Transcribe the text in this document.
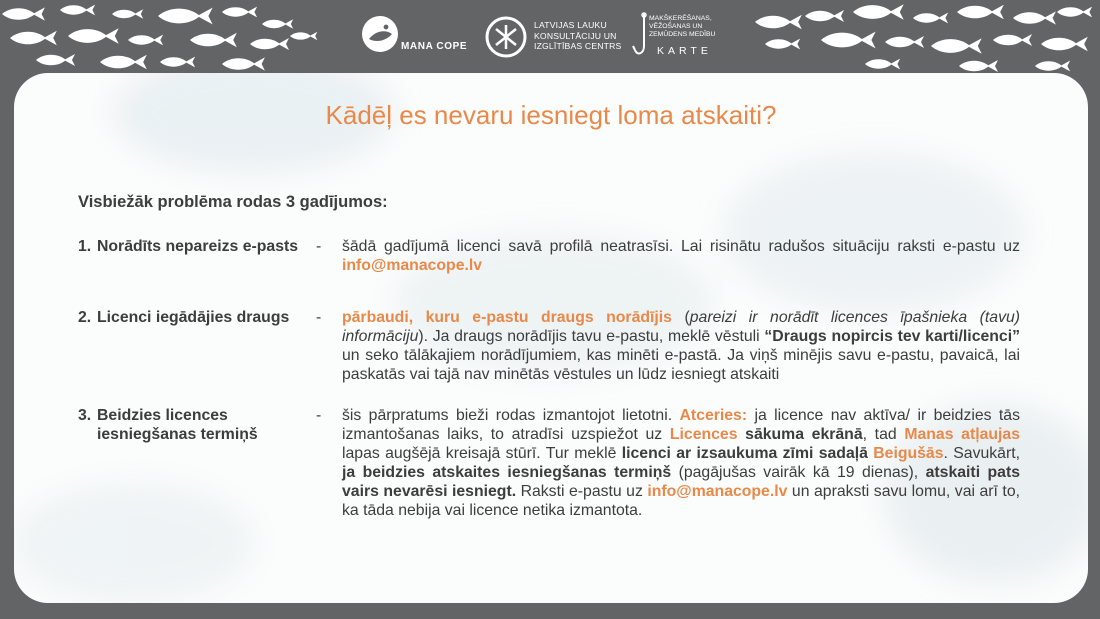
MANA COPE
LATVIJAS LAUKU
KONSULTĀCIJU UN
IZGLĪTĪBAS CENTRS
MAKŠĶERĒŠANAS,
VĒŽOŠANAS UN
ZEMŪDENS MEDĪBU
KARTE
Kādēļ es nevaru iesniegt loma atskaiti?

Visbiežāk problēma rodas 3 gadījumos:

1. Norādīts nepareizs e-pasts	- šādā gadījumā licenci savā profilā neatrasīsi. Lai risinātu radušos situāciju raksti e-pastu uz info@manacope.lv
2. Licenci iegādājies draugs	- pārbaudi, kuru e-pastu draugs norādījis (pareizi ir norādīt licences īpašnieka (tavu) informāciju). Ja draugs norādījis tavu e-pastu, meklē vēstuli “Draugs nopircis tev karti/licenci” un seko tālākajiem norādījumiem, kas minēti e-pastā. Ja viņš minējis savu e-pastu, pavaicā, lai paskatās vai tajā nav minētās vēstules un lūdz iesniegt atskaiti
3. Beidzies licences iesniegšanas termiņš
- šis pārpratums bieži rodas izmantojot lietotni. Atceries: ja licence nav aktīva/ ir beidzies tās izmantošanas laiks, to atradīsi uzspiežot uz Licences sākuma ekrānā, tad Manas atļaujas lapas augšējā kreisajā stūrī. Tur meklē licenci ar izsaukuma zīmi sadaļā Beigušās. Savukārt, ja beidzies atskaites iesniegšanas termiņš (pagājušas vairāk kā 19 dienas), atskaiti pats vairs nevarēsi iesniegt. Raksti e-pastu uz info@manacope.lv un apraksti savu lomu, vai arī to, ka tāda nebija vai licence netika izmantota.
